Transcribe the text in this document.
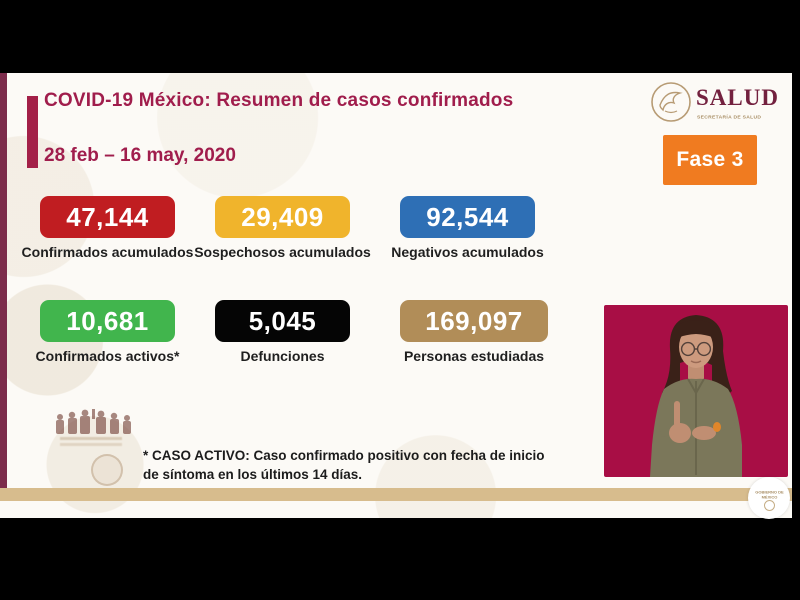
COVID-19 México: Resumen de casos confirmados
28 feb – 16 may, 2020
SALUD
SECRETARÍA DE SALUD
Fase 3
47,144
Confirmados acumulados
29,409
Sospechosos acumulados
92,544
Negativos acumulados
10,681
Confirmados activos*
5,045
Defunciones
169,097
Personas estudiadas
* CASO ACTIVO: Caso confirmado positivo con fecha de inicio
de síntoma en los últimos 14 días.
GOBIERNO DE
MÉXICO
